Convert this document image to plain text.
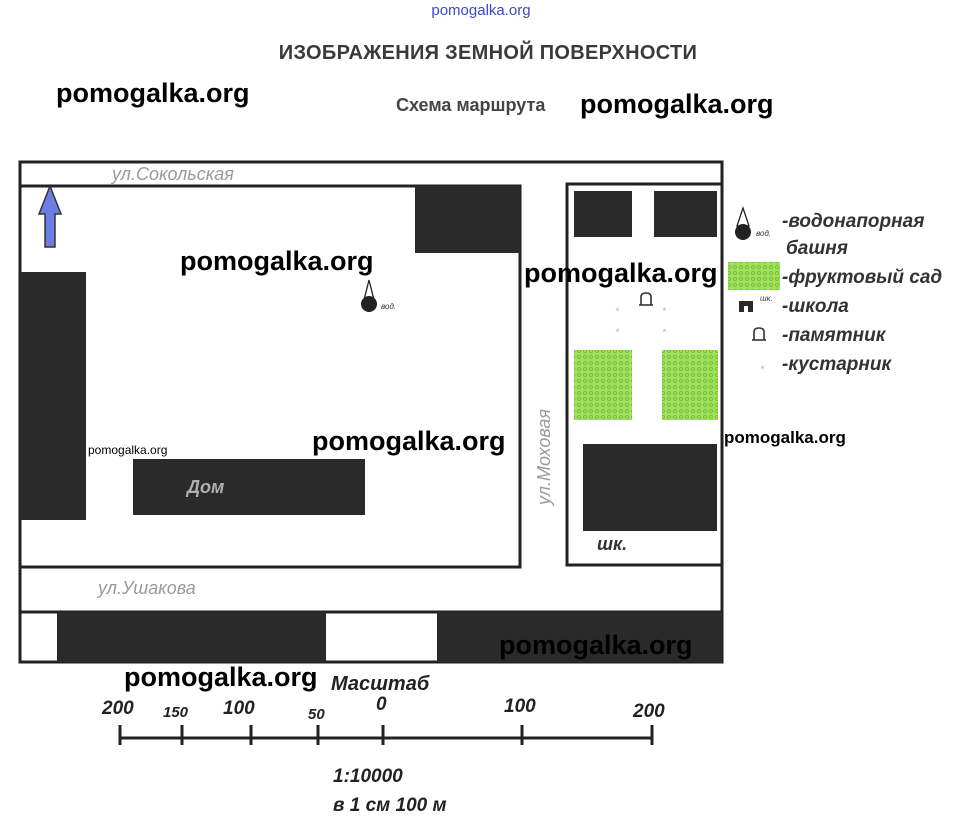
pomogalka.org
ИЗОБРАЖЕНИЯ ЗЕМНОЙ ПОВЕРХНОСТИ
Схема маршрута
٭	٭
٭	٭
вод.
ул.Сокольская
ул.Моховая
ул.Ушакова
Дом
шк.
вод.
-водонапорная
башня
-фруктовый сад
шк. -школа
-памятник
٭ -кустарник
Масштаб
200 150 100	50	0	100	200
1:10000
в 1 см 100 м
pomogalka.org	pomogalka.org
pomogalka.org	pomogalka.org
pomogalka.org
pomogalka.org
pomogalka.org
pomogalka.org
pomogalka.org
